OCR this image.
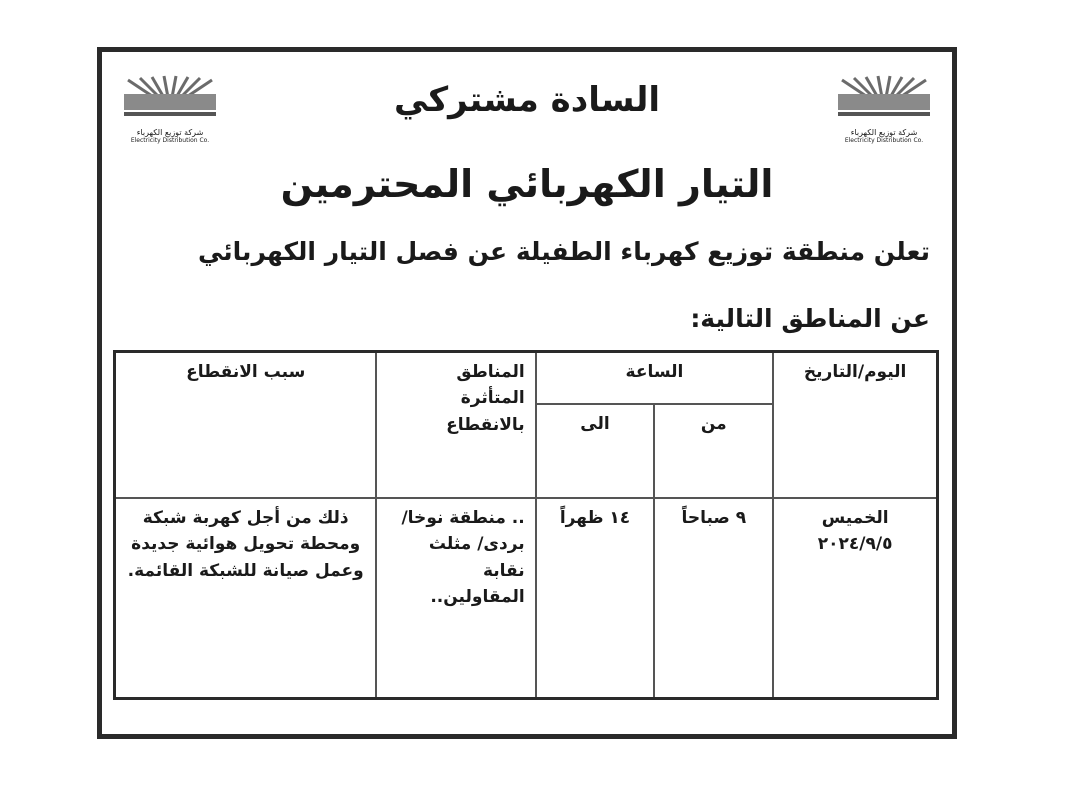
شركة توزيع الكهرباء
Electricity Distribution Co.
شركة توزيع الكهرباء
Electricity Distribution Co.
السادة مشتركي
التيار الكهربائي المحترمين
تعلن منطقة توزيع كهرباء الطفيلة عن فصل التيار الكهربائي
عن المناطق التالية:
اليوم/التاريخ	الساعة		المناطق المتأثرة بالانقطاع	سبب الانقطاع
	من	الى		

الخميس
٢٠٢٤/٩/٥	٩ صباحاً	١٤ ظهراً	.. منطقة نوخا/بردى/ مثلث نقابة المقاولين..	ذلك من أجل كهربة شبكة ومحطة تحويل هوائية جديدة وعمل صيانة للشبكة القائمة.
